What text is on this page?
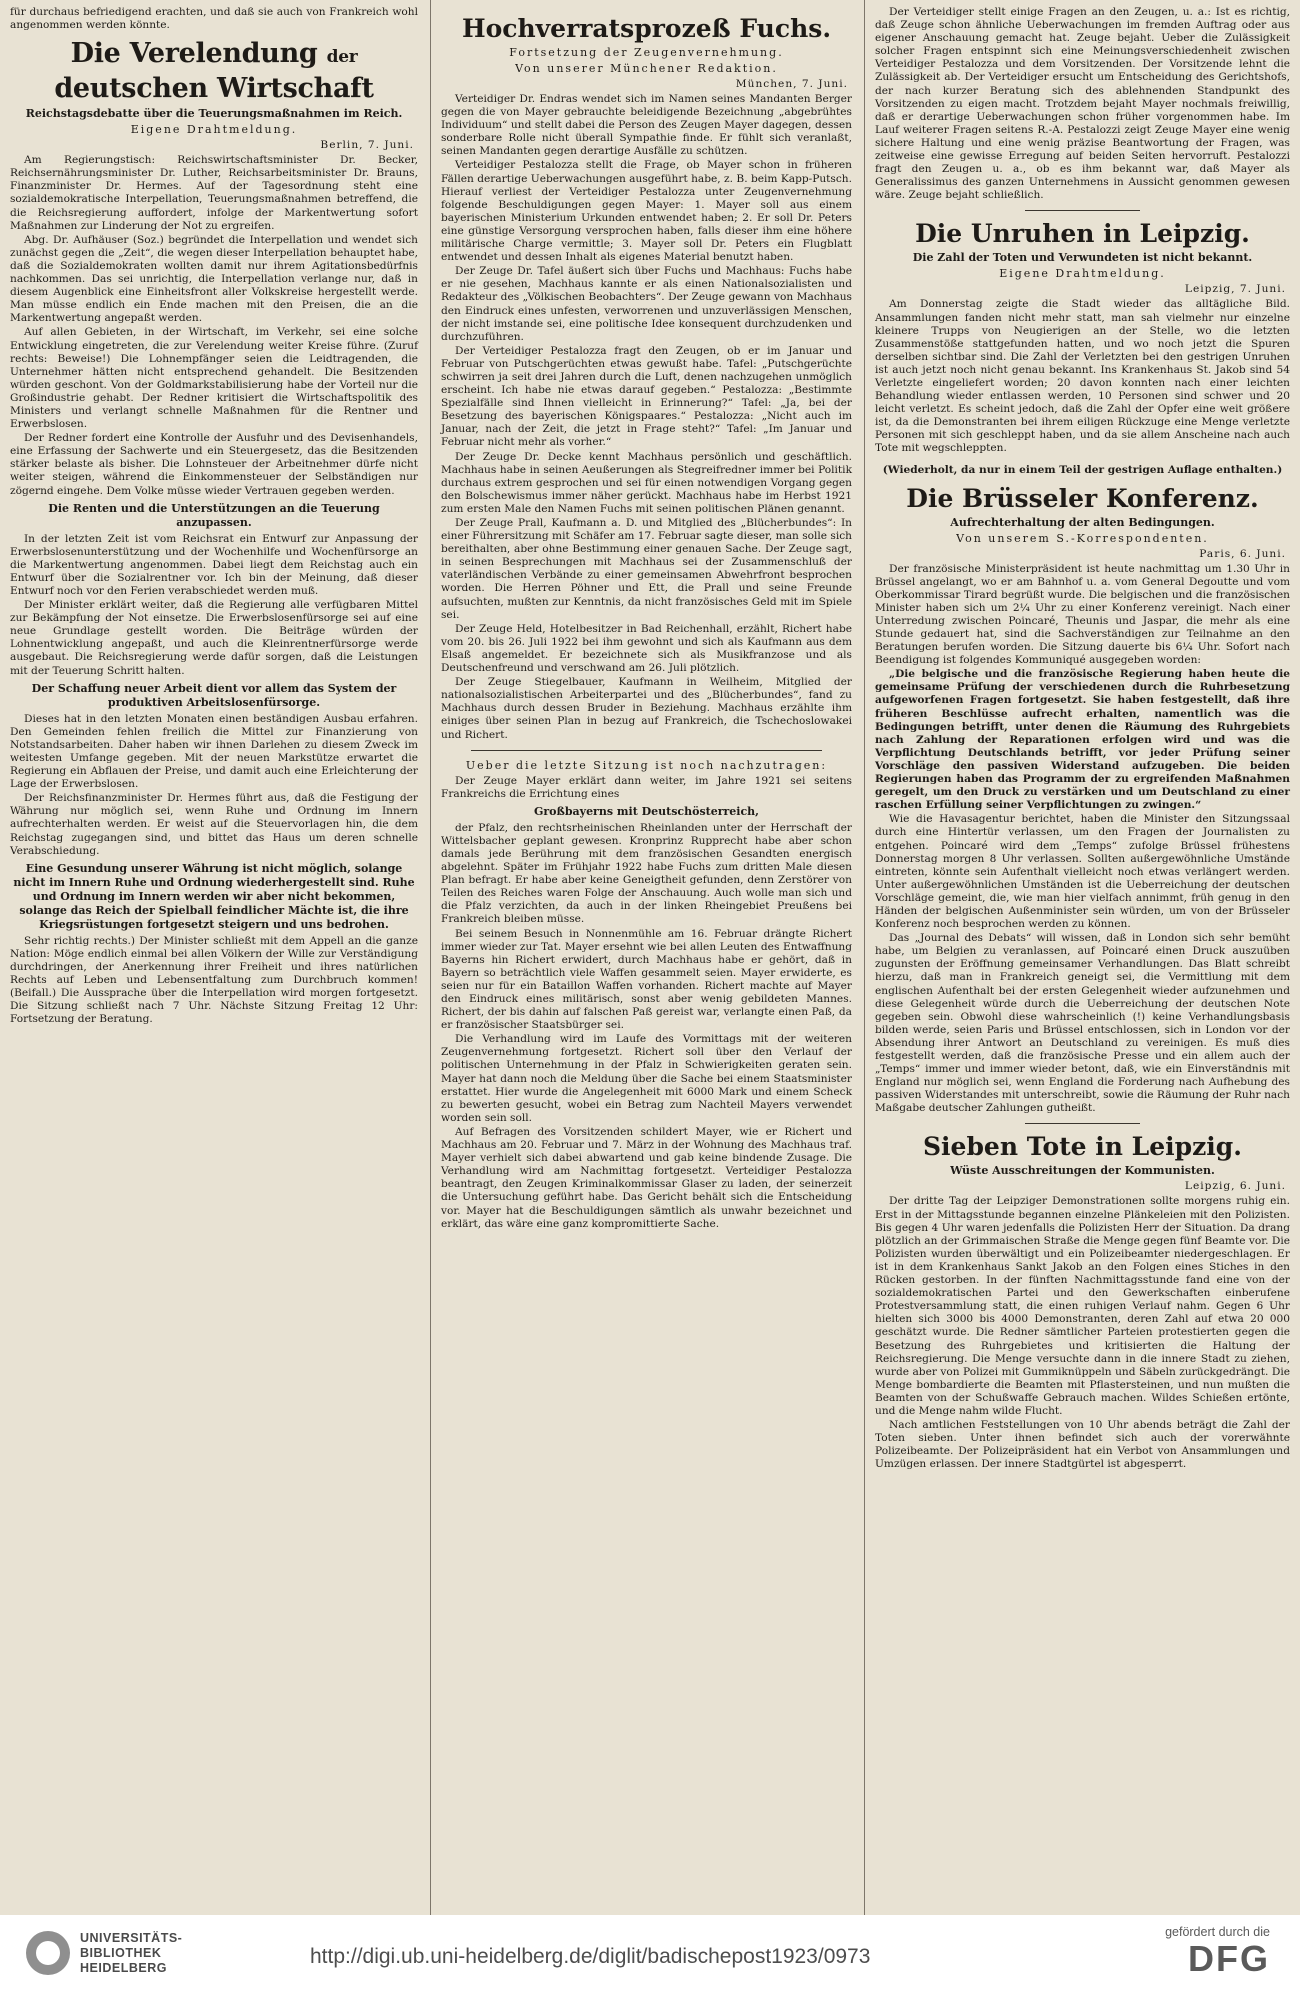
für durchaus befriedigend erachten, und daß sie auch von Frankreich wohl angenommen werden könnte.

Die Verelendung der deutschen Wirtschaft
Reichstagsdebatte über die Teuerungsmaßnahmen im Reich.
Eigene Drahtmeldung.
Berlin, 7. Juni.

Am Regierungstisch: Reichswirtschaftsminister Dr. Becker, Reichsernährungsminister Dr. Luther, Reichsarbeitsminister Dr. Brauns, Finanzminister Dr. Hermes. Auf der Tagesordnung steht eine sozialdemokratische Interpellation, Teuerungsmaßnahmen betreffend, die die Reichsregierung auffordert, infolge der Markentwertung sofort Maßnahmen zur Linderung der Not zu ergreifen.

Abg. Dr. Aufhäuser (Soz.) begründet die Interpellation und wendet sich zunächst gegen die „Zeit“, die wegen dieser Interpellation behauptet habe, daß die Sozialdemokraten wollten damit nur ihrem Agitationsbedürfnis nachkommen. Das sei unrichtig, die Interpellation verlange nur, daß in diesem Augenblick eine Einheitsfront aller Volkskreise hergestellt werde. Man müsse endlich ein Ende machen mit den Preisen, die an die Markentwertung angepaßt werden.

Auf allen Gebieten, in der Wirtschaft, im Verkehr, sei eine solche Entwicklung eingetreten, die zur Verelendung weiter Kreise führe. (Zuruf rechts: Beweise!) Die Lohnempfänger seien die Leidtragenden, die Unternehmer hätten nicht entsprechend gehandelt. Die Besitzenden würden geschont. Von der Goldmarkstabilisierung habe der Vorteil nur die Großindustrie gehabt. Der Redner kritisiert die Wirtschaftspolitik des Ministers und verlangt schnelle Maßnahmen für die Rentner und Erwerbslosen.

Der Redner fordert eine Kontrolle der Ausfuhr und des Devisenhandels, eine Erfassung der Sachwerte und ein Steuergesetz, das die Besitzenden stärker belaste als bisher. Die Lohnsteuer der Arbeitnehmer dürfe nicht weiter steigen, während die Einkommensteuer der Selbständigen nur zögernd eingehe. Dem Volke müsse wieder Vertrauen gegeben werden.

Die Renten und die Unterstützungen an die Teuerung anzupassen.

In der letzten Zeit ist vom Reichsrat ein Entwurf zur Anpassung der Erwerbslosenunterstützung und der Wochenhilfe und Wochenfürsorge an die Markentwertung angenommen. Dabei liegt dem Reichstag auch ein Entwurf über die Sozialrentner vor. Ich bin der Meinung, daß dieser Entwurf noch vor den Ferien verabschiedet werden muß.

Der Minister erklärt weiter, daß die Regierung alle verfügbaren Mittel zur Bekämpfung der Not einsetze. Die Erwerbslosenfürsorge sei auf eine neue Grundlage gestellt worden. Die Beiträge würden der Lohnentwicklung angepaßt, und auch die Kleinrentnerfürsorge werde ausgebaut. Die Reichsregierung werde dafür sorgen, daß die Leistungen mit der Teuerung Schritt halten.

Der Schaffung neuer Arbeit dient vor allem das System der produktiven Arbeitslosenfürsorge.

Dieses hat in den letzten Monaten einen beständigen Ausbau erfahren. Den Gemeinden fehlen freilich die Mittel zur Finanzierung von Notstandsarbeiten. Daher haben wir ihnen Darlehen zu diesem Zweck im weitesten Umfange gegeben. Mit der neuen Markstütze erwartet die Regierung ein Abflauen der Preise, und damit auch eine Erleichterung der Lage der Erwerbslosen.

Der Reichsfinanzminister Dr. Hermes führt aus, daß die Festigung der Währung nur möglich sei, wenn Ruhe und Ordnung im Innern aufrechterhalten werden. Er weist auf die Steuervorlagen hin, die dem Reichstag zugegangen sind, und bittet das Haus um deren schnelle Verabschiedung.

Eine Gesundung unserer Währung ist nicht möglich, solange nicht im Innern Ruhe und Ordnung wiederhergestellt sind. Ruhe und Ordnung im Innern werden wir aber nicht bekommen, solange das Reich der Spielball feindlicher Mächte ist, die ihre Kriegsrüstungen fortgesetzt steigern und uns bedrohen.

Sehr richtig rechts.) Der Minister schließt mit dem Appell an die ganze Nation: Möge endlich einmal bei allen Völkern der Wille zur Verständigung durchdringen, der Anerkennung ihrer Freiheit und ihres natürlichen Rechts auf Leben und Lebensentfaltung zum Durchbruch kommen! (Beifall.) Die Aussprache über die Interpellation wird morgen fortgesetzt. Die Sitzung schließt nach 7 Uhr. Nächste Sitzung Freitag 12 Uhr: Fortsetzung der Beratung.

Hochverratsprozeß Fuchs.
Fortsetzung der Zeugenvernehmung.
Von unserer Münchener Redaktion.
München, 7. Juni.

Verteidiger Dr. Endras wendet sich im Namen seines Mandanten Berger gegen die von Mayer gebrauchte beleidigende Bezeichnung „abgebrühtes Individuum“ und stellt dabei die Person des Zeugen Mayer dagegen, dessen sonderbare Rolle nicht überall Sympathie finde. Er fühlt sich veranlaßt, seinen Mandanten gegen derartige Ausfälle zu schützen.

Verteidiger Pestalozza stellt die Frage, ob Mayer schon in früheren Fällen derartige Ueberwachungen ausgeführt habe, z. B. beim Kapp-Putsch. Hierauf verliest der Verteidiger Pestalozza unter Zeugenvernehmung folgende Beschuldigungen gegen Mayer: 1. Mayer soll aus einem bayerischen Ministerium Urkunden entwendet haben; 2. Er soll Dr. Peters eine günstige Versorgung versprochen haben, falls dieser ihm eine höhere militärische Charge vermittle; 3. Mayer soll Dr. Peters ein Flugblatt entwendet und dessen Inhalt als eigenes Material benutzt haben.

Der Zeuge Dr. Tafel äußert sich über Fuchs und Machhaus: Fuchs habe er nie gesehen, Machhaus kannte er als einen Nationalsozialisten und Redakteur des „Völkischen Beobachters“. Der Zeuge gewann von Machhaus den Eindruck eines unfesten, verworrenen und unzuverlässigen Menschen, der nicht imstande sei, eine politische Idee konsequent durchzudenken und durchzuführen.

Der Verteidiger Pestalozza fragt den Zeugen, ob er im Januar und Februar von Putschgerüchten etwas gewußt habe. Tafel: „Putschgerüchte schwirren ja seit drei Jahren durch die Luft, denen nachzugehen unmöglich erscheint. Ich habe nie etwas darauf gegeben.“ Pestalozza: „Bestimmte Spezialfälle sind Ihnen vielleicht in Erinnerung?“ Tafel: „Ja, bei der Besetzung des bayerischen Königspaares.“ Pestalozza: „Nicht auch im Januar, nach der Zeit, die jetzt in Frage steht?“ Tafel: „Im Januar und Februar nicht mehr als vorher.“

Der Zeuge Dr. Decke kennt Machhaus persönlich und geschäftlich. Machhaus habe in seinen Aeußerungen als Stegreifredner immer bei Politik durchaus extrem gesprochen und sei für einen notwendigen Vorgang gegen den Bolschewismus immer näher gerückt. Machhaus habe im Herbst 1921 zum ersten Male den Namen Fuchs mit seinen politischen Plänen genannt.

Der Zeuge Prall, Kaufmann a. D. und Mitglied des „Blücherbundes“: In einer Führersitzung mit Schäfer am 17. Februar sagte dieser, man solle sich bereithalten, aber ohne Bestimmung einer genauen Sache. Der Zeuge sagt, in seinen Besprechungen mit Machhaus sei der Zusammenschluß der vaterländischen Verbände zu einer gemeinsamen Abwehrfront besprochen worden. Die Herren Pöhner und Ett, die Prall und seine Freunde aufsuchten, mußten zur Kenntnis, da nicht französisches Geld mit im Spiele sei.

Der Zeuge Held, Hotelbesitzer in Bad Reichenhall, erzählt, Richert habe vom 20. bis 26. Juli 1922 bei ihm gewohnt und sich als Kaufmann aus dem Elsaß angemeldet. Er bezeichnete sich als Musikfranzose und als Deutschenfreund und verschwand am 26. Juli plötzlich.

Der Zeuge Stiegelbauer, Kaufmann in Weilheim, Mitglied der nationalsozialistischen Arbeiterpartei und des „Blücherbundes“, fand zu Machhaus durch dessen Bruder in Beziehung. Machhaus erzählte ihm einiges über seinen Plan in bezug auf Frankreich, die Tschechoslowakei und Richert.

Ueber die letzte Sitzung ist noch nachzutragen:

Der Zeuge Mayer erklärt dann weiter, im Jahre 1921 sei seitens Frankreichs die Errichtung eines

Großbayerns mit Deutschösterreich,

der Pfalz, den rechtsrheinischen Rheinlanden unter der Herrschaft der Wittelsbacher geplant gewesen. Kronprinz Rupprecht habe aber schon damals jede Berührung mit dem französischen Gesandten energisch abgelehnt. Später im Frühjahr 1922 habe Fuchs zum dritten Male diesen Plan befragt. Er habe aber keine Geneigtheit gefunden, denn Zerstörer von Teilen des Reiches waren Folge der Anschauung. Auch wolle man sich und die Pfalz verzichten, da auch in der linken Rheingebiet Preußens bei Frankreich bleiben müsse.

Bei seinem Besuch in Nonnenmühle am 16. Februar drängte Richert immer wieder zur Tat. Mayer ersehnt wie bei allen Leuten des Entwaffnung Bayerns hin Richert erwidert, durch Machhaus habe er gehört, daß in Bayern so beträchtlich viele Waffen gesammelt seien. Mayer erwiderte, es seien nur für ein Bataillon Waffen vorhanden. Richert machte auf Mayer den Eindruck eines militärisch, sonst aber wenig gebildeten Mannes. Richert, der bis dahin auf falschen Paß gereist war, verlangte einen Paß, da er französischer Staatsbürger sei.

Die Verhandlung wird im Laufe des Vormittags mit der weiteren Zeugenvernehmung fortgesetzt. Richert soll über den Verlauf der politischen Unternehmung in der Pfalz in Schwierigkeiten geraten sein. Mayer hat dann noch die Meldung über die Sache bei einem Staatsminister erstattet. Hier wurde die Angelegenheit mit 6000 Mark und einem Scheck zu bewerten gesucht, wobei ein Betrag zum Nachteil Mayers verwendet worden sein soll.

Auf Befragen des Vorsitzenden schildert Mayer, wie er Richert und Machhaus am 20. Februar und 7. März in der Wohnung des Machhaus traf. Mayer verhielt sich dabei abwartend und gab keine bindende Zusage. Die Verhandlung wird am Nachmittag fortgesetzt. Verteidiger Pestalozza beantragt, den Zeugen Kriminalkommissar Glaser zu laden, der seinerzeit die Untersuchung geführt habe. Das Gericht behält sich die Entscheidung vor. Mayer hat die Beschuldigungen sämtlich als unwahr bezeichnet und erklärt, das wäre eine ganz kompromittierte Sache.

Der Verteidiger stellt einige Fragen an den Zeugen, u. a.: Ist es richtig, daß Zeuge schon ähnliche Ueberwachungen im fremden Auftrag oder aus eigener Anschauung gemacht hat. Zeuge bejaht. Ueber die Zulässigkeit solcher Fragen entspinnt sich eine Meinungsverschiedenheit zwischen Verteidiger Pestalozza und dem Vorsitzenden. Der Vorsitzende lehnt die Zulässigkeit ab. Der Verteidiger ersucht um Entscheidung des Gerichtshofs, der nach kurzer Beratung sich des ablehnenden Standpunkt des Vorsitzenden zu eigen macht. Trotzdem bejaht Mayer nochmals freiwillig, daß er derartige Ueberwachungen schon früher vorgenommen habe. Im Lauf weiterer Fragen seitens R.-A. Pestalozzi zeigt Zeuge Mayer eine wenig sichere Haltung und eine wenig präzise Beantwortung der Fragen, was zeitweise eine gewisse Erregung auf beiden Seiten hervorruft. Pestalozzi fragt den Zeugen u. a., ob es ihm bekannt war, daß Mayer als Generalissimus des ganzen Unternehmens in Aussicht genommen gewesen wäre. Zeuge bejaht schließlich.

Die Unruhen in Leipzig.
Die Zahl der Toten und Verwundeten ist nicht bekannt.
Eigene Drahtmeldung.
Leipzig, 7. Juni.

Am Donnerstag zeigte die Stadt wieder das alltägliche Bild. Ansammlungen fanden nicht mehr statt, man sah vielmehr nur einzelne kleinere Trupps von Neugierigen an der Stelle, wo die letzten Zusammenstöße stattgefunden hatten, und wo noch jetzt die Spuren derselben sichtbar sind. Die Zahl der Verletzten bei den gestrigen Unruhen ist auch jetzt noch nicht genau bekannt. Ins Krankenhaus St. Jakob sind 54 Verletzte eingeliefert worden; 20 davon konnten nach einer leichten Behandlung wieder entlassen werden, 10 Personen sind schwer und 20 leicht verletzt. Es scheint jedoch, daß die Zahl der Opfer eine weit größere ist, da die Demonstranten bei ihrem eiligen Rückzuge eine Menge verletzte Personen mit sich geschleppt haben, und da sie allem Anscheine nach auch Tote mit wegschleppten.

(Wiederholt, da nur in einem Teil der gestrigen Auflage enthalten.)
Die Brüsseler Konferenz.
Aufrechterhaltung der alten Bedingungen.
Von unserem S.-Korrespondenten.
Paris, 6. Juni.

Der französische Ministerpräsident ist heute nachmittag um 1.30 Uhr in Brüssel angelangt, wo er am Bahnhof u. a. vom General Degoutte und vom Oberkommissar Tirard begrüßt wurde. Die belgischen und die französischen Minister haben sich um 2¼ Uhr zu einer Konferenz vereinigt. Nach einer Unterredung zwischen Poincaré, Theunis und Jaspar, die mehr als eine Stunde gedauert hat, sind die Sachverständigen zur Teilnahme an den Beratungen berufen worden. Die Sitzung dauerte bis 6¼ Uhr. Sofort nach Beendigung ist folgendes Kommuniqué ausgegeben worden:

„Die belgische und die französische Regierung haben heute die gemeinsame Prüfung der verschiedenen durch die Ruhrbesetzung aufgeworfenen Fragen fortgesetzt. Sie haben festgestellt, daß ihre früheren Beschlüsse aufrecht erhalten, namentlich was die Bedingungen betrifft, unter denen die Räumung des Ruhrgebiets nach Zahlung der Reparationen erfolgen wird und was die Verpflichtung Deutschlands betrifft, vor jeder Prüfung seiner Vorschläge den passiven Widerstand aufzugeben. Die beiden Regierungen haben das Programm der zu ergreifenden Maßnahmen geregelt, um den Druck zu verstärken und um Deutschland zu einer raschen Erfüllung seiner Verpflichtungen zu zwingen.“

Wie die Havasagentur berichtet, haben die Minister den Sitzungssaal durch eine Hintertür verlassen, um den Fragen der Journalisten zu entgehen. Poincaré wird dem „Temps“ zufolge Brüssel frühestens Donnerstag morgen 8 Uhr verlassen. Sollten außergewöhnliche Umstände eintreten, könnte sein Aufenthalt vielleicht noch etwas verlängert werden. Unter außergewöhnlichen Umständen ist die Ueberreichung der deutschen Vorschläge gemeint, die, wie man hier vielfach annimmt, früh genug in den Händen der belgischen Außenminister sein würden, um von der Brüsseler Konferenz noch besprochen werden zu können.

Das „Journal des Debats“ will wissen, daß in London sich sehr bemüht habe, um Belgien zu veranlassen, auf Poincaré einen Druck auszuüben zugunsten der Eröffnung gemeinsamer Verhandlungen. Das Blatt schreibt hierzu, daß man in Frankreich geneigt sei, die Vermittlung mit dem englischen Aufenthalt bei der ersten Gelegenheit wieder aufzunehmen und diese Gelegenheit würde durch die Ueberreichung der deutschen Note gegeben sein. Obwohl diese wahrscheinlich (!) keine Verhandlungsbasis bilden werde, seien Paris und Brüssel entschlossen, sich in London vor der Absendung ihrer Antwort an Deutschland zu vereinigen. Es muß dies festgestellt werden, daß die französische Presse und ein allem auch der „Temps“ immer und immer wieder betont, daß, wie ein Einverständnis mit England nur möglich sei, wenn England die Forderung nach Aufhebung des passiven Widerstandes mit unterschreibt, sowie die Räumung der Ruhr nach Maßgabe deutscher Zahlungen gutheißt.

Sieben Tote in Leipzig.
Wüste Ausschreitungen der Kommunisten.
Leipzig, 6. Juni.

Der dritte Tag der Leipziger Demonstrationen sollte morgens ruhig ein. Erst in der Mittagsstunde begannen einzelne Plänkeleien mit den Polizisten. Bis gegen 4 Uhr waren jedenfalls die Polizisten Herr der Situation. Da drang plötzlich an der Grimmaischen Straße die Menge gegen fünf Beamte vor. Die Polizisten wurden überwältigt und ein Polizeibeamter niedergeschlagen. Er ist in dem Krankenhaus Sankt Jakob an den Folgen eines Stiches in den Rücken gestorben. In der fünften Nachmittagsstunde fand eine von der sozialdemokratischen Partei und den Gewerkschaften einberufene Protestversammlung statt, die einen ruhigen Verlauf nahm. Gegen 6 Uhr hielten sich 3000 bis 4000 Demonstranten, deren Zahl auf etwa 20 000 geschätzt wurde. Die Redner sämtlicher Parteien protestierten gegen die Besetzung des Ruhrgebietes und kritisierten die Haltung der Reichsregierung. Die Menge versuchte dann in die innere Stadt zu ziehen, wurde aber von Polizei mit Gummiknüppeln und Säbeln zurückgedrängt. Die Menge bombardierte die Beamten mit Pflastersteinen, und nun mußten die Beamten von der Schußwaffe Gebrauch machen. Wildes Schießen ertönte, und die Menge nahm wilde Flucht.

Nach amtlichen Feststellungen von 10 Uhr abends beträgt die Zahl der Toten sieben. Unter ihnen befindet sich auch der vorerwähnte Polizeibeamte. Der Polizeipräsident hat ein Verbot von Ansammlungen und Umzügen erlassen. Der innere Stadtgürtel ist abgesperrt.

UNIVERSITÄTS-
BIBLIOTHEK
HEIDELBERG	http://digi.ub.uni-heidelberg.de/diglit/badischepost1923/0973
gefördert durch die
DFG
